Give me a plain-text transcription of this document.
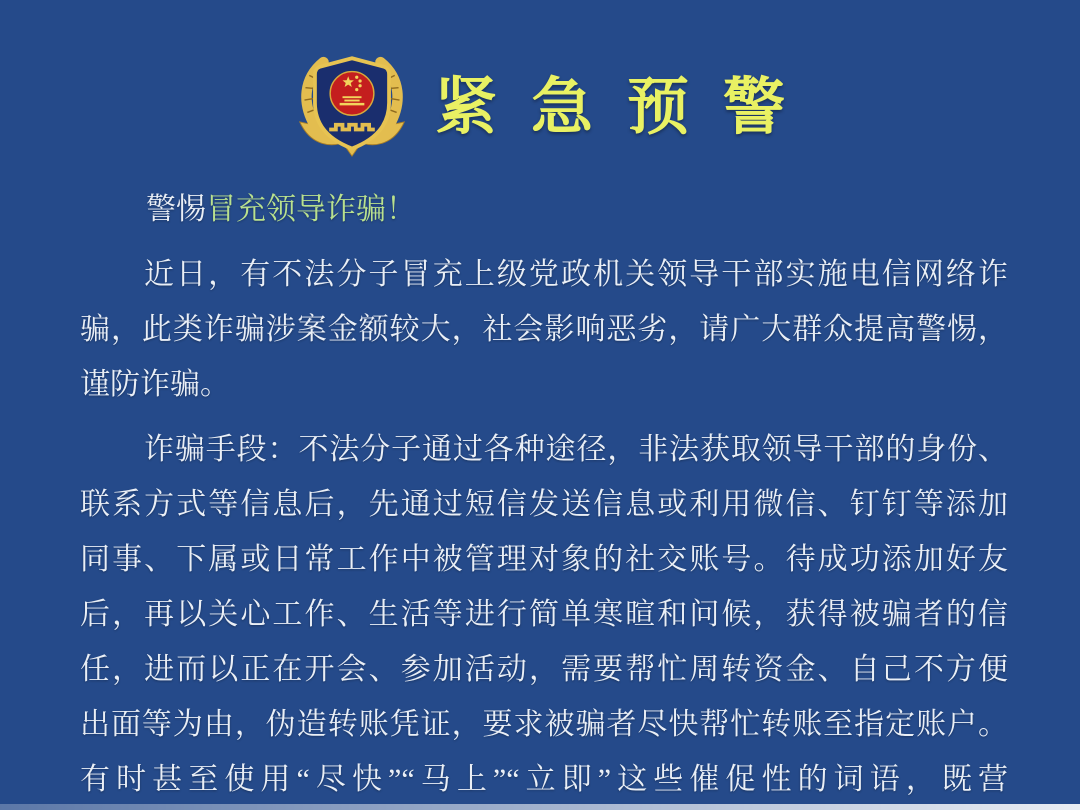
紧急预警
警惕冒充领导诈骗！
近日，有不法分子冒充上级党政机关领导干部实施电信网络诈
骗，此类诈骗涉案金额较大，社会影响恶劣，请广大群众提高警惕，
谨防诈骗。
诈骗手段：不法分子通过各种途径，非法获取领导干部的身份、
联系方式等信息后，先通过短信发送信息或利用微信、钉钉等添加
同事、下属或日常工作中被管理对象的社交账号。待成功添加好友
后，再以关心工作、生活等进行简单寒暄和问候，获得被骗者的信
任，进而以正在开会、参加活动，需要帮忙周转资金、自己不方便
出面等为由，伪造转账凭证，要求被骗者尽快帮忙转账至指定账户。
有时甚至使用“尽快”“马上”“立即”这些催促性的词语，既营
